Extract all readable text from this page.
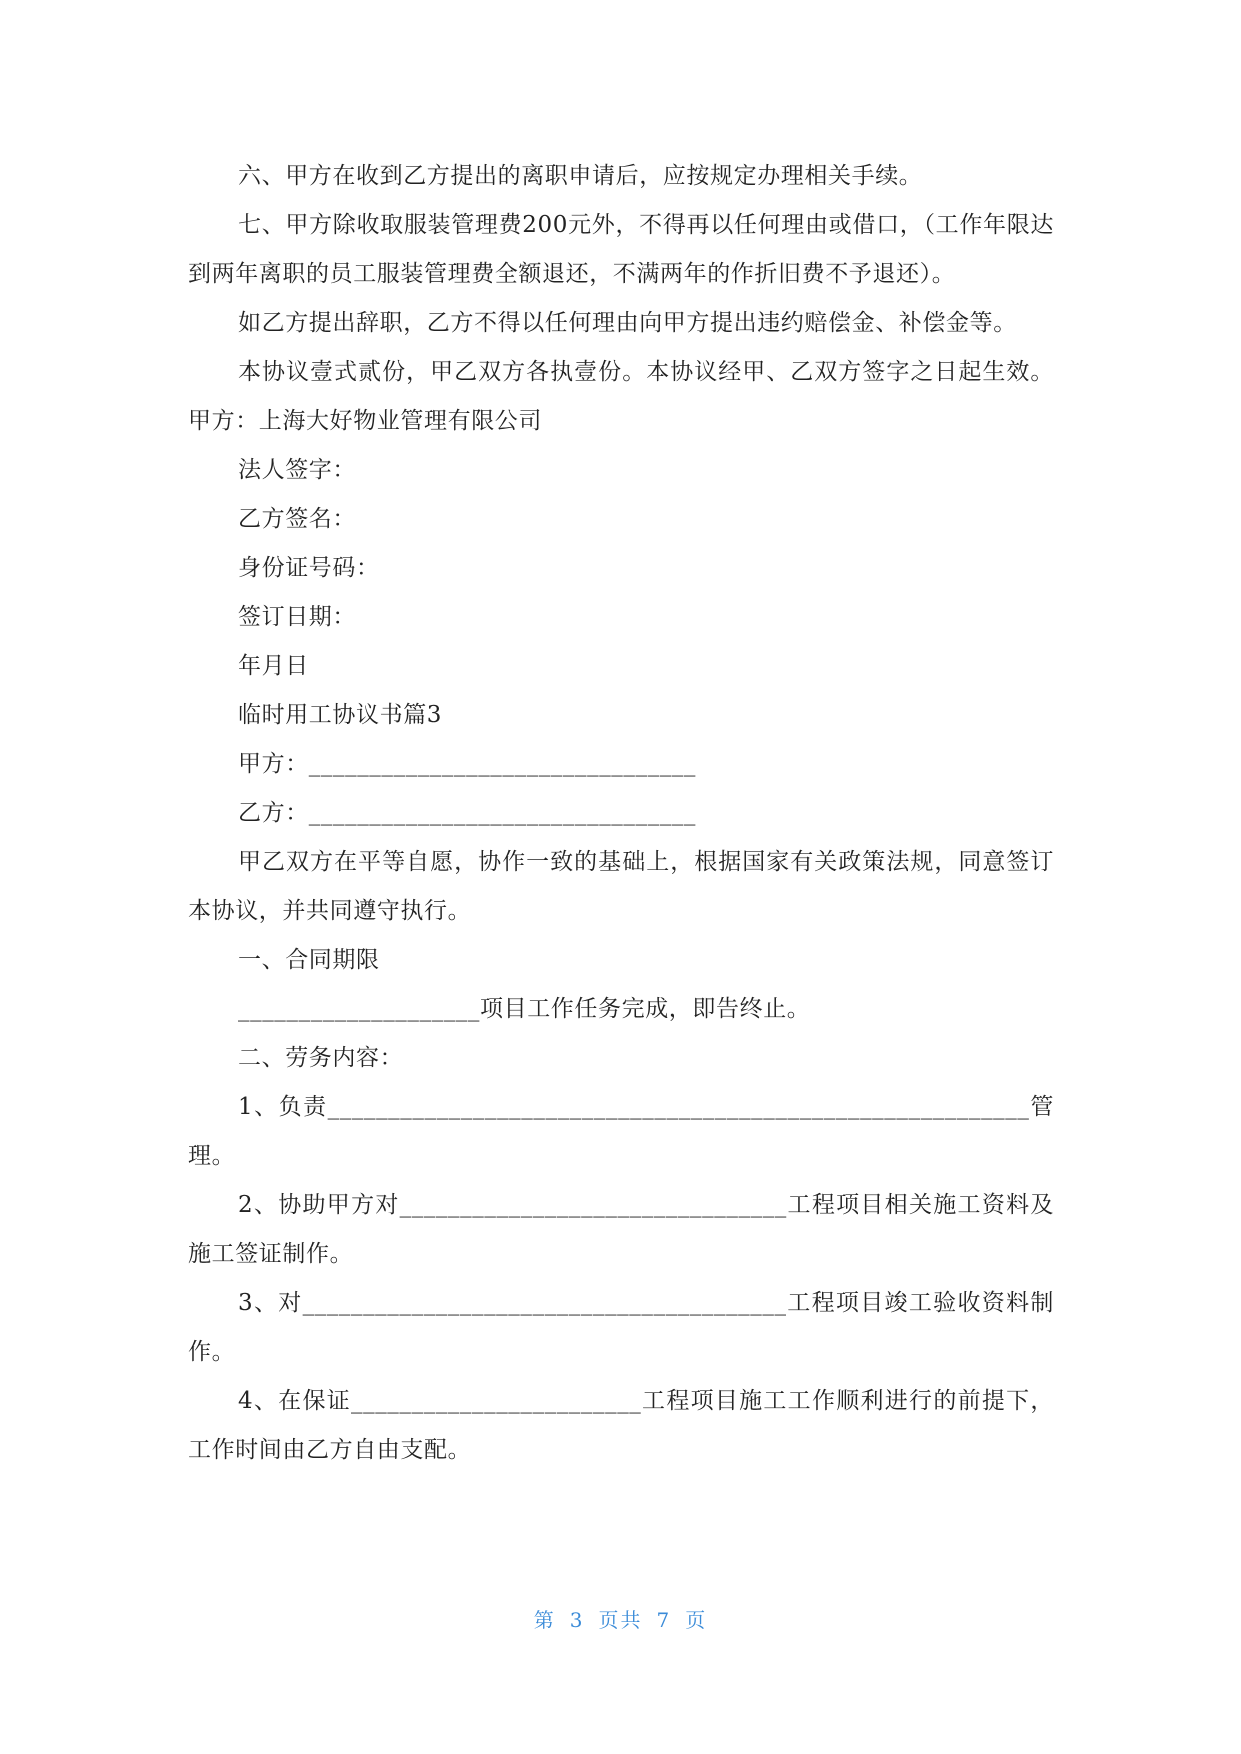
六、甲方在收到乙方提出的离职申请后，应按规定办理相关手续。

七、甲方除收取服装管理费200元外，不得再以任何理由或借口，（工作年限达到两年离职的员工服装管理费全额退还，不满两年的作折旧费不予退还）。

如乙方提出辞职，乙方不得以任何理由向甲方提出违约赔偿金、补偿金等。

本协议壹式贰份，甲乙双方各执壹份。本协议经甲、乙双方签字之日起生效。甲方：上海大好物业管理有限公司

法人签字：

乙方签名：

身份证号码：

签订日期：

年月日

临时用工协议书篇3

甲方：________________________________

乙方：________________________________

甲乙双方在平等自愿，协作一致的基础上，根据国家有关政策法规，同意签订本协议，并共同遵守执行。

一、合同期限

____________________项目工作任务完成，即告终止。

二、劳务内容：

1、负责__________________________________________________________管理。

2、协助甲方对________________________________工程项目相关施工资料及施工签证制作。

3、对________________________________________工程项目竣工验收资料制作。

4、在保证________________________工程项目施工工作顺利进行的前提下，工作时间由乙方自由支配。

第 3 页共 7 页
